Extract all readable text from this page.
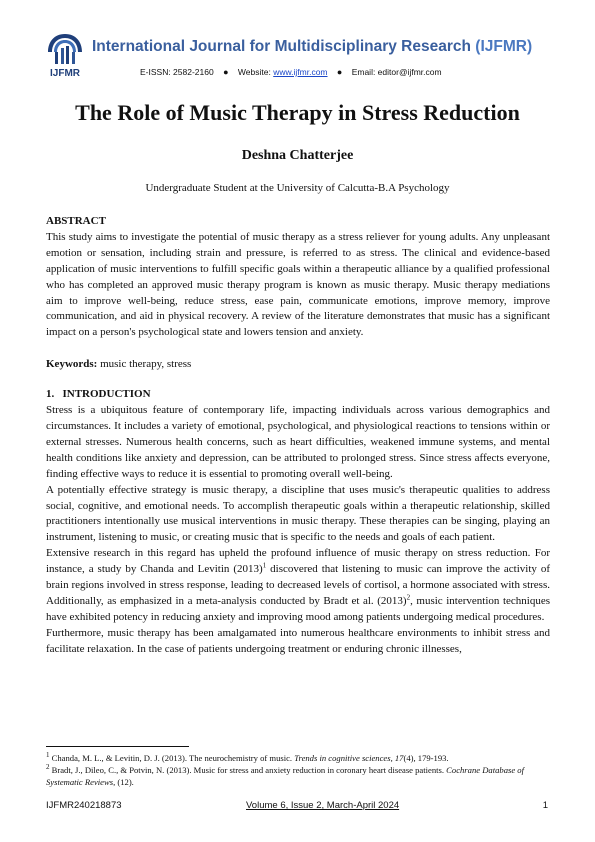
IJFMR
International Journal for Multidisciplinary Research (IJFMR)
E-ISSN: 2582-2160 ● Website: www.ijfmr.com ● Email: editor@ijfmr.com
The Role of Music Therapy in Stress Reduction
Deshna Chatterjee
Undergraduate Student at the University of Calcutta-B.A Psychology

ABSTRACT

This study aims to investigate the potential of music therapy as a stress reliever for young adults. Any unpleasant emotion or sensation, including strain and pressure, is referred to as stress. The clinical and evidence-based application of music interventions to fulfill specific goals within a therapeutic alliance by a qualified professional who has completed an approved music therapy program is known as music therapy. Music therapy mediations aim to improve well-being, reduce stress, ease pain, communicate emotions, improve memory, improve communication, and aid in physical recovery. A review of the literature demonstrates that music has a significant impact on a person's psychological state and lowers tension and anxiety.

Keywords: music therapy, stress

1.   INTRODUCTION

Stress is a ubiquitous feature of contemporary life, impacting individuals across various demographics and circumstances. It includes a variety of emotional, psychological, and physiological reactions to tensions within or external stresses. Numerous health concerns, such as heart difficulties, weakened immune systems, and mental health conditions like anxiety and depression, can be attributed to prolonged stress. Since stress affects everyone, finding effective ways to reduce it is essential to promoting overall well-being.

A potentially effective strategy is music therapy, a discipline that uses music's therapeutic qualities to address social, cognitive, and emotional needs. To accomplish therapeutic goals within a therapeutic relationship, skilled practitioners intentionally use musical interventions in music therapy. These therapies can be singing, playing an instrument, listening to music, or creating music that is specific to the needs and goals of each patient.

Extensive research in this regard has upheld the profound influence of music therapy on stress reduction. For instance, a study by Chanda and Levitin $(2013)^1$ discovered that listening to music can improve the activity of brain regions involved in stress response, leading to decreased levels of cortisol, a hormone associated with stress. Additionally, as emphasized in a meta-analysis conducted by Bradt et al. $(2013)^2$, music intervention techniques have exhibited potency in reducing anxiety and improving mood among patients undergoing medical procedures.

Furthermore, music therapy has been amalgamated into numerous healthcare environments to inhibit stress and facilitate relaxation. In the case of patients undergoing treatment or enduring chronic illnesses,

$^1$ Chanda, M. L., & Levitin, D. J. (2013). The neurochemistry of music. Trends in cognitive sciences, 17(4), 179-193.

$^2$ Bradt, J., Dileo, C., & Potvin, N. (2013). Music for stress and anxiety reduction in coronary heart disease patients. Cochrane Database of Systematic Reviews, (12).

IJFMR240218873	Volume 6, Issue 2, March-April 2024	1
